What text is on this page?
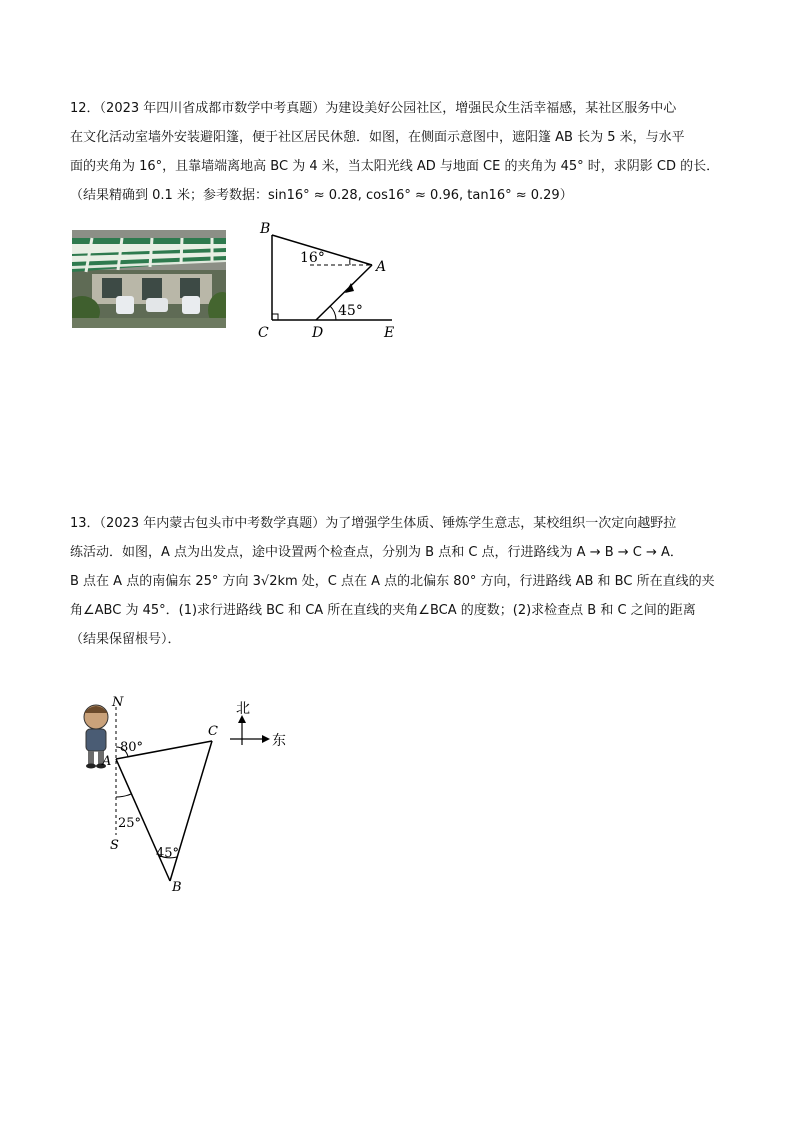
12．（2023 年四川省成都市数学中考真题）为建设美好公园社区，增强民众生活幸福感，某社区服务中心
在文化活动室墙外安装避阳篷，便于社区居民休憩．如图，在侧面示意图中，遮阳篷 AB 长为 5 米，与水平
面的夹角为 16°，且靠墙端离地高 BC 为 4 米，当太阳光线 AD 与地面 CE 的夹角为 45° 时，求阴影 CD 的长．
（结果精确到 0.1 米；参考数据：sin16° ≈ 0.28, cos16° ≈ 0.96, tan16° ≈ 0.29）
B
A
C	D	E
16°
45°
13．（2023 年内蒙古包头市中考数学真题）为了增强学生体质、锤炼学生意志，某校组织一次定向越野拉
练活动．如图，A 点为出发点，途中设置两个检查点，分别为 B 点和 C 点，行进路线为 A → B → C → A．
B 点在 A 点的南偏东 25° 方向 3√2km 处，C 点在 A 点的北偏东 80° 方向，行进路线 AB 和 BC 所在直线的夹
角∠ABC 为 45°．(1)求行进路线 BC 和 CA 所在直线的夹角∠BCA 的度数；(2)求检查点 B 和 C 之间的距离
（结果保留根号）．
N
A
C
S
B
80°
25°
45°
北
东
